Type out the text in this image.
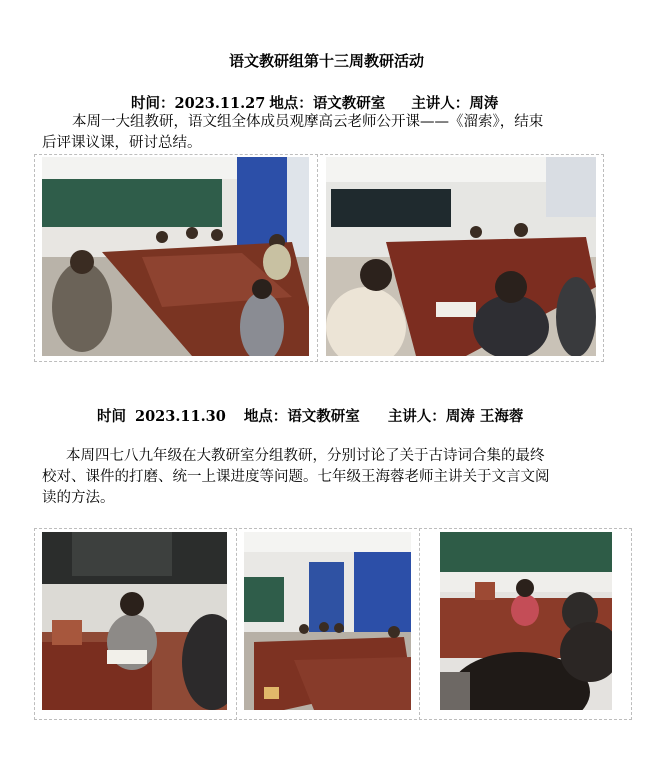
语文教研组第十三周教研活动
时间：2023.11.27 地点：语文教研室 主讲人：周涛
本周一大组教研，语文组全体成员观摩高云老师公开课——《溜索》，结束
后评课议课，研讨总结。
时间 2023.11.30 地点：语文教研室 主讲人：周涛 王海蓉
本周四七八九年级在大教研室分组教研，分别讨论了关于古诗词合集的最终
校对、课件的打磨、统一上课进度等问题。七年级王海蓉老师主讲关于文言文阅
读的方法。
